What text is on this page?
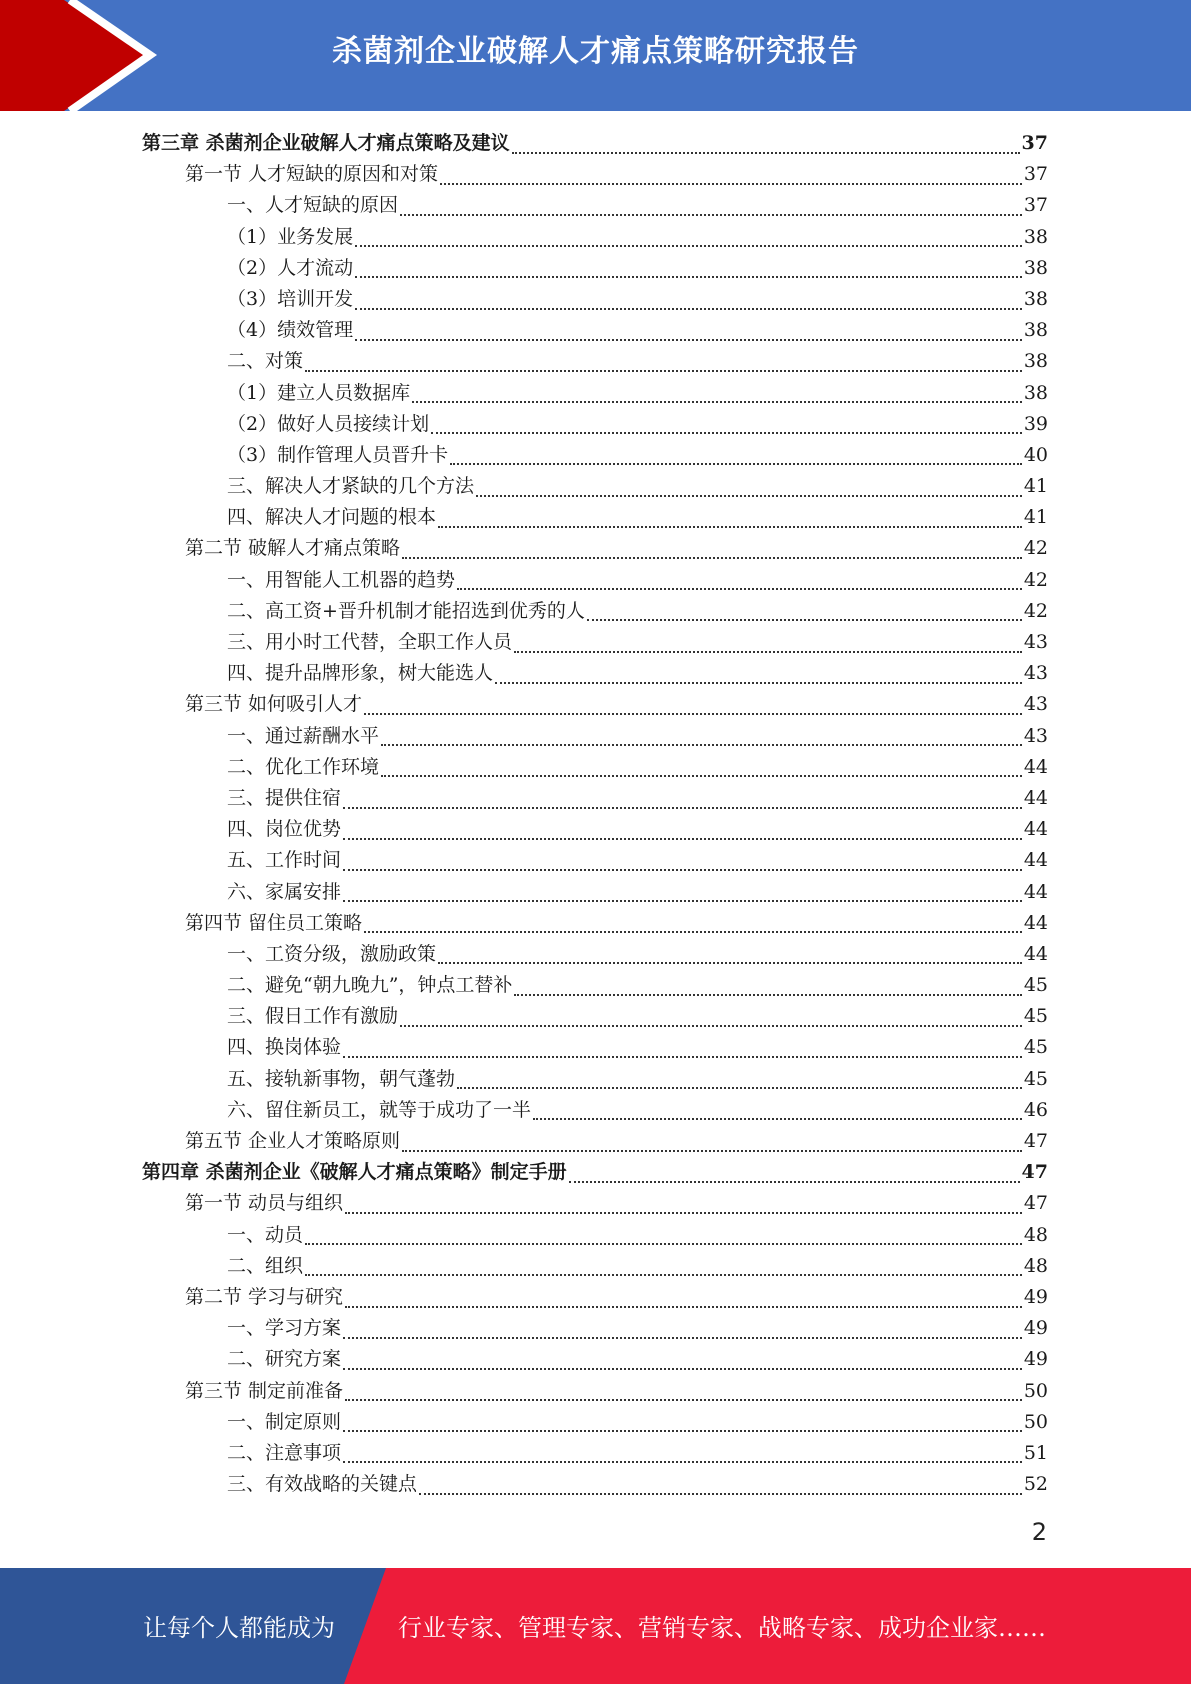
杀菌剂企业破解人才痛点策略研究报告
第三章 杀菌剂企业破解人才痛点策略及建议	37
第一节 人才短缺的原因和对策	37
一、人才短缺的原因	37
（1）业务发展	38
（2）人才流动	38
（3）培训开发	38
（4）绩效管理	38
二、对策	38
（1）建立人员数据库	38
（2）做好人员接续计划	39
（3）制作管理人员晋升卡	40
三、解决人才紧缺的几个方法	41
四、解决人才问题的根本	41
第二节 破解人才痛点策略	42
一、用智能人工机器的趋势	42
二、高工资+晋升机制才能招选到优秀的人	42
三、用小时工代替，全职工作人员	43
四、提升品牌形象，树大能选人	43
第三节 如何吸引人才	43
一、通过薪酬水平	43
二、优化工作环境	44
三、提供住宿	44
四、岗位优势	44
五、工作时间	44
六、家属安排	44
第四节 留住员工策略	44
一、工资分级，激励政策	44
二、避免“朝九晚九”，钟点工替补	45
三、假日工作有激励	45
四、换岗体验	45
五、接轨新事物，朝气蓬勃	45
六、留住新员工，就等于成功了一半	46
第五节 企业人才策略原则	47
第四章 杀菌剂企业《破解人才痛点策略》制定手册	47
第一节 动员与组织	47
一、动员	48
二、组织	48
第二节 学习与研究	49
一、学习方案	49
二、研究方案	49
第三节 制定前准备	50
一、制定原则	50
二、注意事项	51
三、有效战略的关键点	52
2
让每个人都能成为	行业专家、管理专家、营销专家、战略专家、成功企业家……
